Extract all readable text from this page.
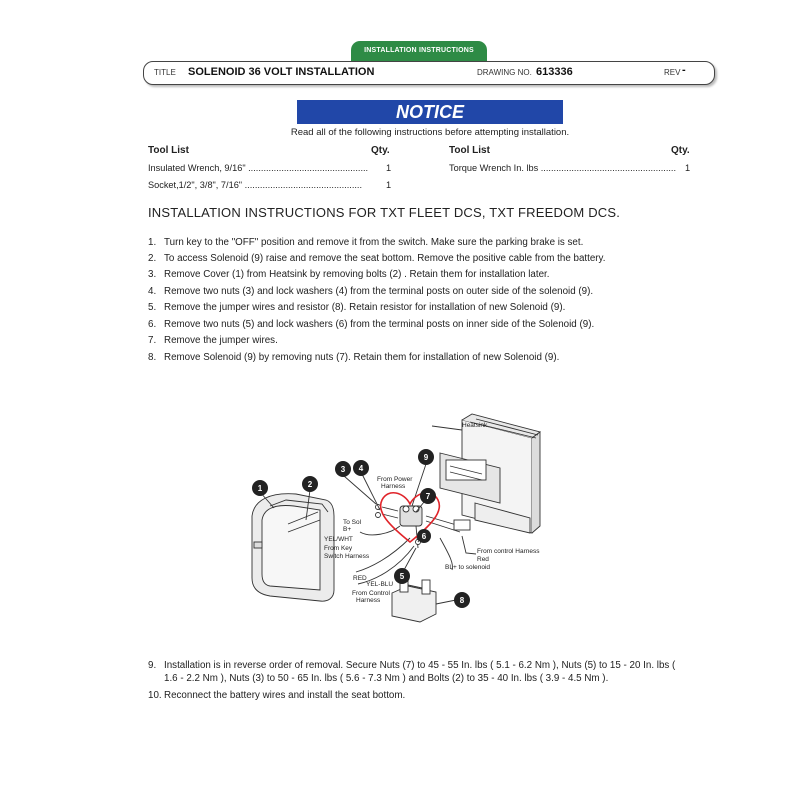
INSTALLATION INSTRUCTIONS
TITLE SOLENOID 36 VOLT INSTALLATION	DRAWING NO. 613336	REV -
NOTICE
Read all of the following instructions before attempting installation.
Tool List	Qty.
Insulated Wrench, 9/16" ...............................................	1
Socket,1/2", 3/8", 7/16" ..............................................	1
Tool List	Qty.
Torque Wrench In. lbs ..................................................... 1
INSTALLATION INSTRUCTIONS FOR TXT FLEET DCS, TXT FREEDOM DCS.
1. Turn key to the "OFF" position and remove it from the switch. Make sure the parking brake is set.
2. To access Solenoid (9) raise and remove the seat bottom. Remove the positive cable from the battery.
3. Remove Cover (1) from Heatsink by removing bolts (2) . Retain them for installation later.
4. Remove two nuts (3) and lock washers (4) from the terminal posts on outer side of the solenoid (9).
5. Remove the jumper wires and resistor (8). Retain resistor for installation of new Solenoid (9).
6. Remove two nuts (5) and lock washers (6) from the terminal posts on inner side of the Solenoid (9).
7. Remove the jumper wires.
8. Remove Solenoid (9) by removing nuts (7). Retain them for installation of new Solenoid (9).
1	2
3 4
5
6
7
8
9
Heatsink
From Power
Harness
To Sol
B+
YEL/WHT
From Key
Switch Harness
RED
YEL-BLU
From Control
Harness
From control Harness
Red
BL+ to solenoid
9. Installation is in reverse order of removal. Secure Nuts (7) to 45 - 55 In. lbs ( 5.1 - 6.2 Nm ), Nuts (5) to 15 - 20 In. lbs (
1.6 - 2.2 Nm ), Nuts (3) to 50 - 65 In. lbs ( 5.6 - 7.3 Nm ) and Bolts (2) to 35 - 40 In. lbs ( 3.9 - 4.5 Nm ).
10. Reconnect the battery wires and install the seat bottom.
